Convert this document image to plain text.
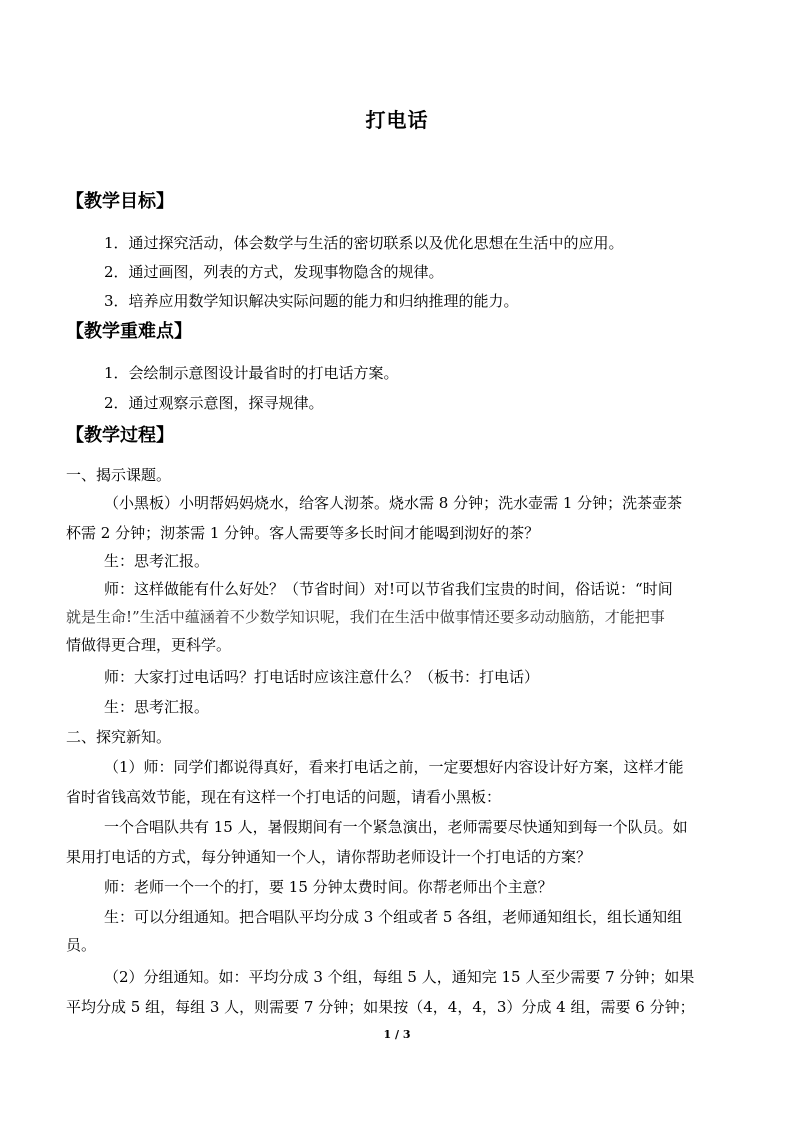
打电话
【教学目标】
1．通过探究活动，体会数学与生活的密切联系以及优化思想在生活中的应用。
2．通过画图，列表的方式，发现事物隐含的规律。
3．培养应用数学知识解决实际问题的能力和归纳推理的能力。
【教学重难点】
1．会绘制示意图设计最省时的打电话方案。
2．通过观察示意图，探寻规律。
【教学过程】
一、揭示课题。
（小黑板）小明帮妈妈烧水，给客人沏茶。烧水需 8 分钟；洗水壶需 1 分钟；洗茶壶茶
杯需 2 分钟；沏茶需 1 分钟。客人需要等多长时间才能喝到沏好的茶？
生：思考汇报。
师：这样做能有什么好处？（节省时间）对!可以节省我们宝贵的时间，俗话说：“时间
就是生命!”生活中蕴涵着不少数学知识呢，我们在生活中做事情还要多动动脑筋，才能把事
情做得更合理，更科学。
师：大家打过电话吗？打电话时应该注意什么？（板书：打电话）
生：思考汇报。
二、探究新知。
（1）师：同学们都说得真好，看来打电话之前，一定要想好内容设计好方案，这样才能
省时省钱高效节能，现在有这样一个打电话的问题，请看小黑板：
一个合唱队共有 15 人，暑假期间有一个紧急演出，老师需要尽快通知到每一个队员。如
果用打电话的方式，每分钟通知一个人，请你帮助老师设计一个打电话的方案？
师：老师一个一个的打，要 15 分钟太费时间。你帮老师出个主意？
生：可以分组通知。把合唱队平均分成 3 个组或者 5 各组，老师通知组长，组长通知组
员。
（2）分组通知。如：平均分成 3 个组，每组 5 人，通知完 15 人至少需要 7 分钟；如果
平均分成 5 组，每组 3 人，则需要 7 分钟；如果按（4，4，4，3）分成 4 组，需要 6 分钟；
1 / 3
